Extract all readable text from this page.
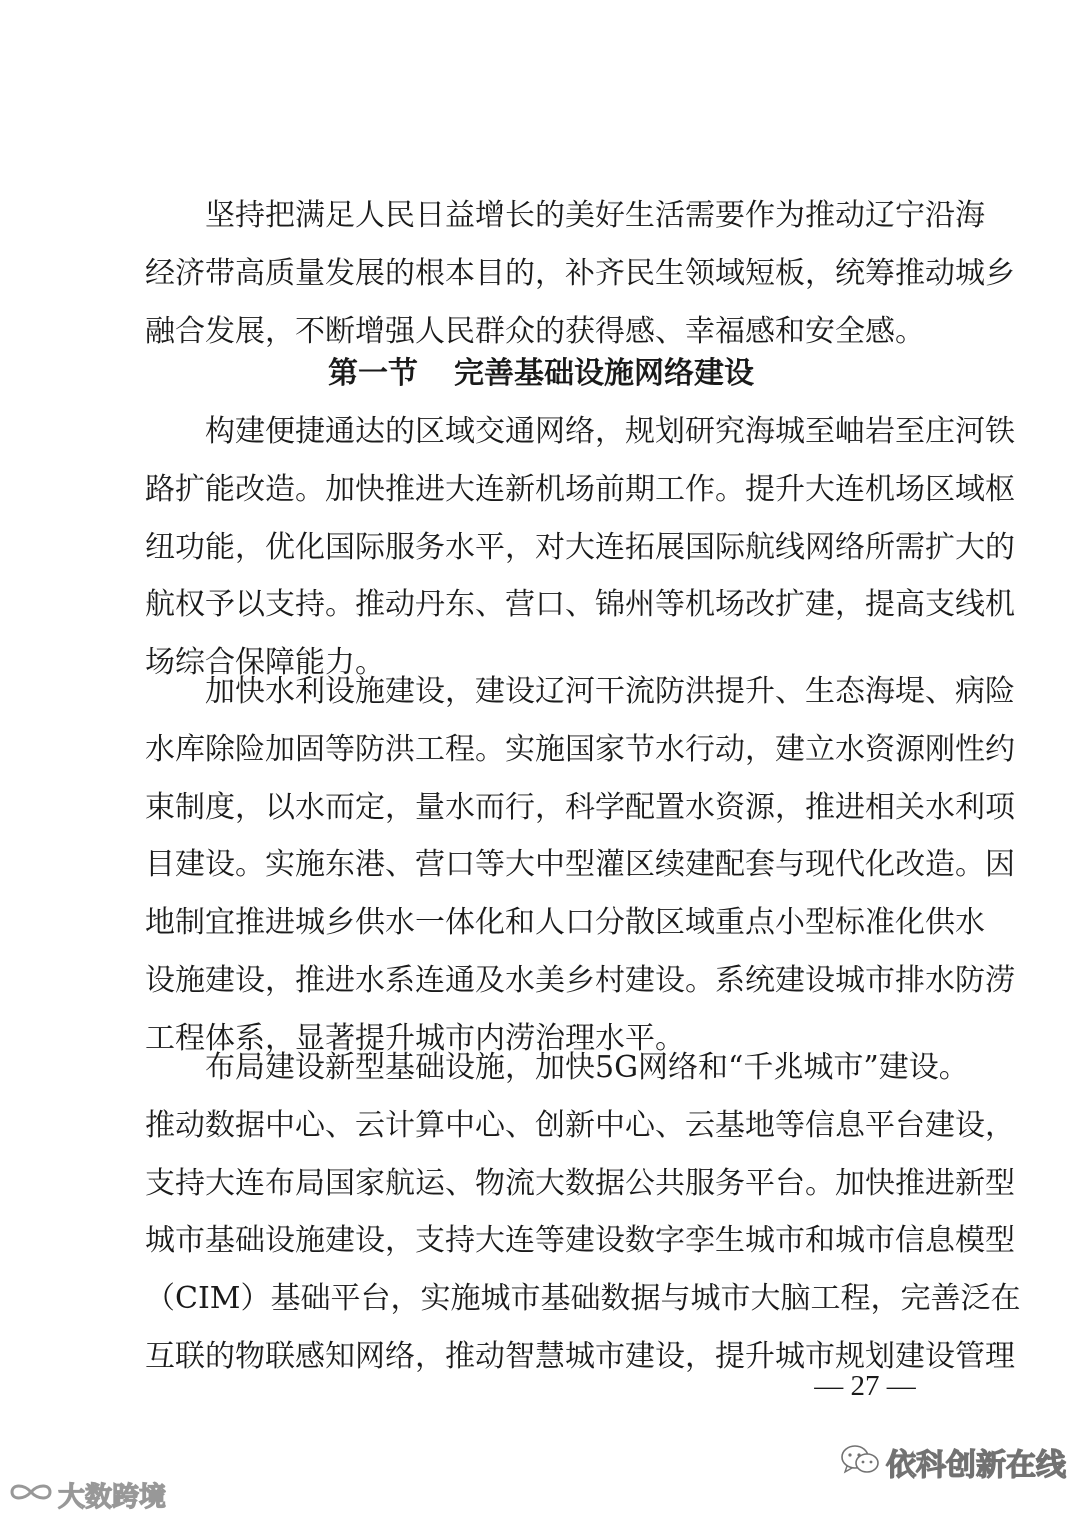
坚持把满足人民日益增长的美好生活需要作为推动辽宁沿海
经济带高质量发展的根本目的，补齐民生领域短板，统筹推动城乡
融合发展，不断增强人民群众的获得感、幸福感和安全感。
第一节 完善基础设施网络建设
构建便捷通达的区域交通网络，规划研究海城至岫岩至庄河铁
路扩能改造。加快推进大连新机场前期工作。提升大连机场区域枢
纽功能，优化国际服务水平，对大连拓展国际航线网络所需扩大的
航权予以支持。推动丹东、营口、锦州等机场改扩建，提高支线机
场综合保障能力。
加快水利设施建设，建设辽河干流防洪提升、生态海堤、病险
水库除险加固等防洪工程。实施国家节水行动，建立水资源刚性约
束制度，以水而定，量水而行，科学配置水资源，推进相关水利项
目建设。实施东港、营口等大中型灌区续建配套与现代化改造。因
地制宜推进城乡供水一体化和人口分散区域重点小型标准化供水
设施建设，推进水系连通及水美乡村建设。系统建设城市排水防涝
工程体系，显著提升城市内涝治理水平。
布局建设新型基础设施，加快5G网络和“千兆城市”建设。
推动数据中心、云计算中心、创新中心、云基地等信息平台建设，
支持大连布局国家航运、物流大数据公共服务平台。加快推进新型
城市基础设施建设，支持大连等建设数字孪生城市和城市信息模型
（CIM）基础平台，实施城市基础数据与城市大脑工程，完善泛在
互联的物联感知网络，推动智慧城市建设，提升城市规划建设管理
— 27 —
依科创新在线
大数跨境
